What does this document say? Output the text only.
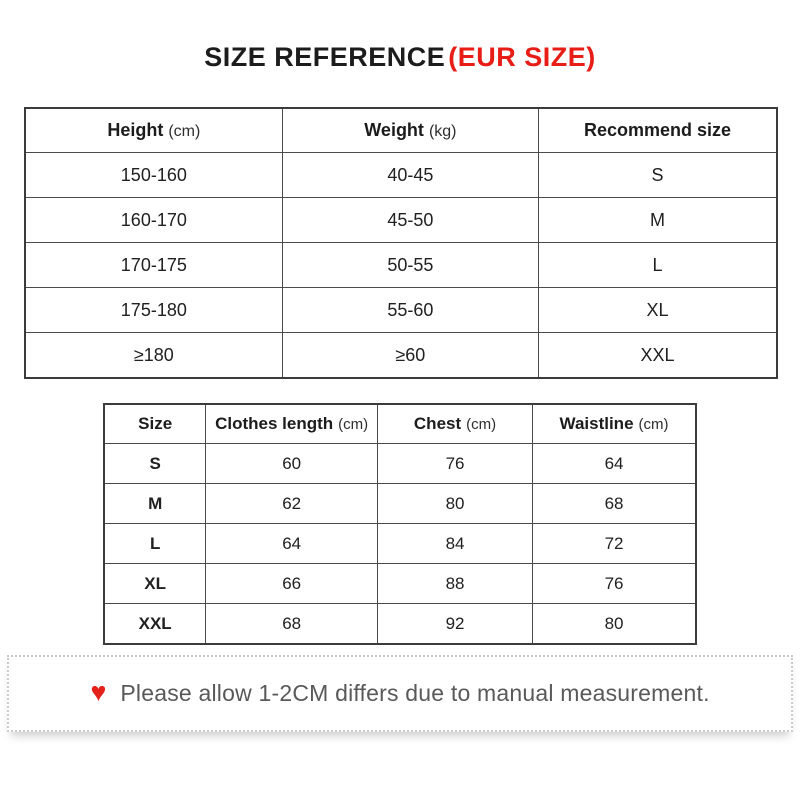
SIZE REFERENCE (EUR SIZE)
Height (cm)	Weight (kg)	Recommend size
150-160	40-45	S
160-170	45-50	M
170-175	50-55	L
175-180	55-60	XL
≥180	≥60	XXL
Size	Clothes length (cm)	Chest (cm)	Waistline (cm)
S	60	76	64
M	62	80	68
L	64	84	72
XL	66	88	76
XXL	68	92	80
♥ Please allow 1-2CM differs due to manual measurement.
